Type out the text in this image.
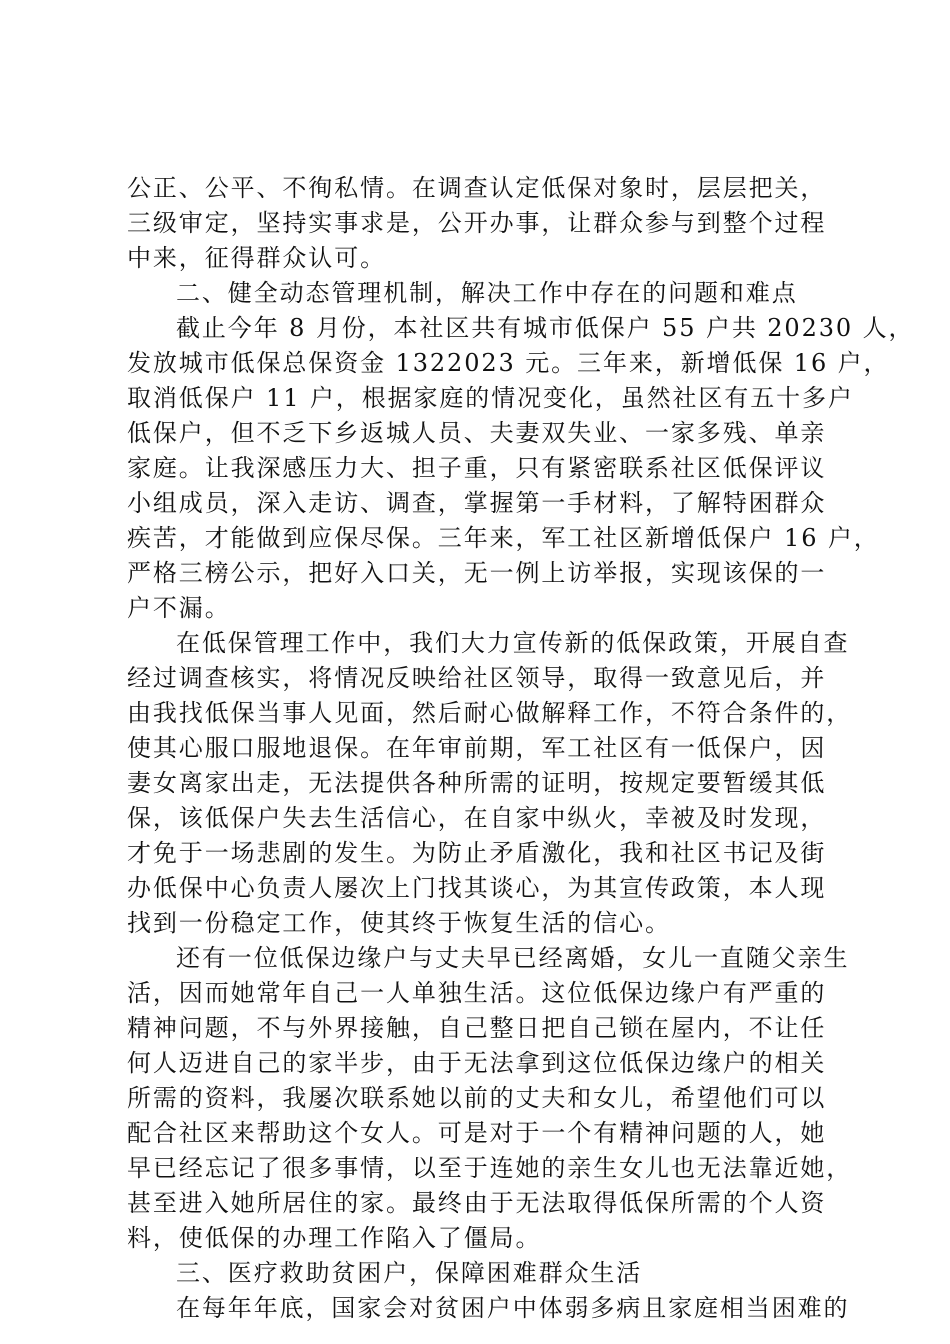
公正、公平、不徇私情。在调查认定低保对象时，层层把关，
三级审定，坚持实事求是，公开办事，让群众参与到整个过程
中来，征得群众认可。

二、健全动态管理机制，解决工作中存在的问题和难点

截止今年 8 月份，本社区共有城市低保户 55 户共 20230 人，
发放城市低保总保资金 1322023 元。三年来，新增低保 16 户，
取消低保户 11 户，根据家庭的情况变化，虽然社区有五十多户
低保户，但不乏下乡返城人员、夫妻双失业、一家多残、单亲
家庭。让我深感压力大、担子重，只有紧密联系社区低保评议
小组成员，深入走访、调查，掌握第一手材料，了解特困群众
疾苦，才能做到应保尽保。三年来，军工社区新增低保户 16 户，
严格三榜公示，把好入口关，无一例上访举报，实现该保的一
户不漏。

在低保管理工作中，我们大力宣传新的低保政策，开展自查
经过调查核实，将情况反映给社区领导，取得一致意见后，并
由我找低保当事人见面，然后耐心做解释工作，不符合条件的，
使其心服口服地退保。在年审前期，军工社区有一低保户，因
妻女离家出走，无法提供各种所需的证明，按规定要暂缓其低
保，该低保户失去生活信心，在自家中纵火，幸被及时发现，
才免于一场悲剧的发生。为防止矛盾激化，我和社区书记及街
办低保中心负责人屡次上门找其谈心，为其宣传政策，本人现
找到一份稳定工作，使其终于恢复生活的信心。

还有一位低保边缘户与丈夫早已经离婚，女儿一直随父亲生
活，因而她常年自己一人单独生活。这位低保边缘户有严重的
精神问题，不与外界接触，自己整日把自己锁在屋内，不让任
何人迈进自己的家半步，由于无法拿到这位低保边缘户的相关
所需的资料，我屡次联系她以前的丈夫和女儿，希望他们可以
配合社区来帮助这个女人。可是对于一个有精神问题的人，她
早已经忘记了很多事情，以至于连她的亲生女儿也无法靠近她，
甚至进入她所居住的家。最终由于无法取得低保所需的个人资
料，使低保的办理工作陷入了僵局。

三、医疗救助贫困户，保障困难群众生活

在每年年底，国家会对贫困户中体弱多病且家庭相当困难的
